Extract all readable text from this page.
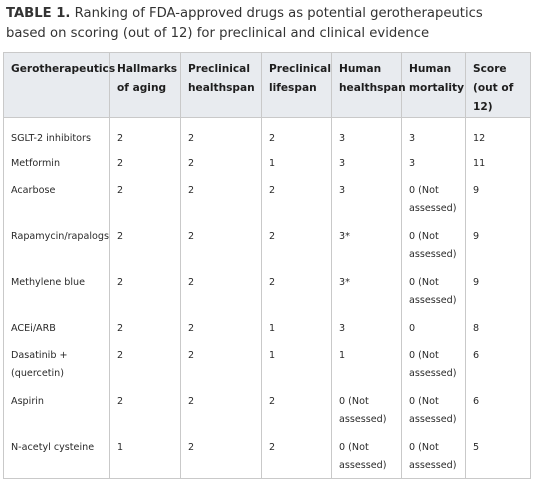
TABLE 1. Ranking of FDA-approved drugs as potential gerotherapeutics based on scoring (out of 12) for preclinical and clinical evidence
Gerotherapeutics	Hallmarks of aging	Preclinical healthspan	Preclinical lifespan	Human healthspan	Human mortality	Score (out of 12)
SGLT-2 inhibitors	2	2	2	3	3	12
Metformin	2	2	1	3	3	11
Acarbose	2	2	2	3	0 (Not assessed)	9
Rapamycin/rapalogs	2	2	2	3*	0 (Not assessed)	9
Methylene blue	2	2	2	3*	0 (Not assessed)	9
ACEi/ARB	2	2	1	3	0	8
Dasatinib + (quercetin)	2	2	1	1	0 (Not assessed)	6
Aspirin	2	2	2	0 (Not assessed)	0 (Not assessed)	6
N-acetyl cysteine	1	2	2	0 (Not assessed)	0 (Not assessed)	5
